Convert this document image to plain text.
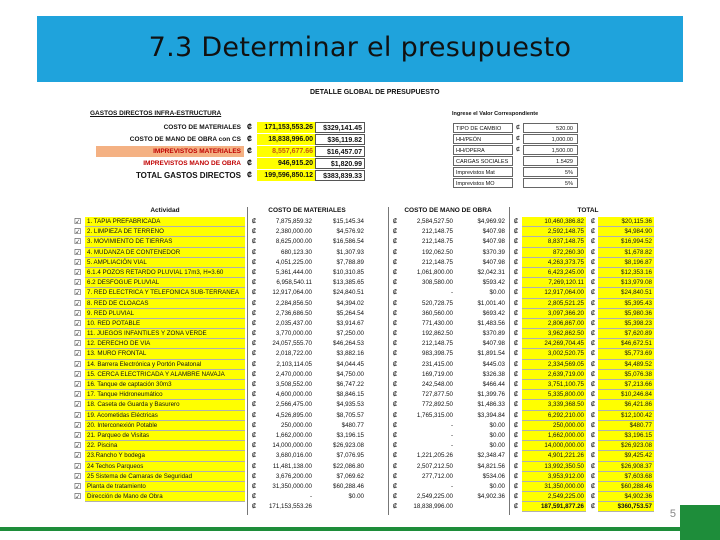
7.3 Determinar el presupuesto
DETALLE GLOBAL DE PRESUPUESTO
GASTOS DIRECTOS INFRA-ESTRUCTURA
COSTO DE MATERIALES ₡	171,153,553.26	$329,141.45
COSTO DE MANO DE OBRA con CS ₡	18,838,996.00	$36,119.82
IMPREVISTOS MATERIALES ₡	8,557,677.66	$16,457.07
IMPREVISTOS MANO DE OBRA ₡	946,915.20	$1,820.99
TOTAL GASTOS DIRECTOS ₡	199,596,850.12	$383,839.33
Ingrese el Valor Correspondiente
TIPO DE CAMBIO	₡	520.00
HH/PEÓN	₡	1,000.00
HH/OPERA	₡	1,500.00
CARGAS SOCIALES	1.5429
Imprevistos Mat	5%
Imprevistos MO	5%
Actividad	COSTO DE MATERIALES	COSTO DE MANO DE OBRA	TOTAL
☑ 1. TAPIA PREFABRICADA	₡	7,875,859.32	$15,145.34	₡	2,584,527.50	$4,969.92	₡	10,460,386.82	₡	$20,115.36
☑ 2. LIMPIEZA DE TERRENO	₡	2,380,000.00	$4,576.92	₡	212,148.75	$407.98	₡	2,592,148.75	₡	$4,984.90
☑ 3. MOVIMIENTO DE TIERRAS	₡	8,625,000.00	$16,586.54	₡	212,148.75	$407.98	₡	8,837,148.75	₡	$16,994.52
☑ 4. MUDANZA DE CONTENEDOR	₡	680,123.30	$1,307.93	₡	192,062.50	$370.39	₡	872,260.30	₡	$1,678.82
☑ 5. AMPLIACIÓN VIAL	₡	4,051,225.00	$7,788.89	₡	212,148.75	$407.98	₡	4,263,373.75	₡	$8,196.87
☑ 6.1.4 POZOS RETARDO PLUVIAL 17m3, H=3.60	₡	5,361,444.00	$10,310.85	₡	1,061,800.00	$2,042.31	₡	6,423,245.00	₡	$12,353.16
☑ 6.2 DESFOGUE PLUVIAL	₡	6,958,540.11	$13,385.65	₡	308,580.00	$593.42	₡	7,269,120.11	₡	$13,979.08
☑ 7. RED ELECTRICA Y TELEFONICA SUB-TERRANEA	₡	12,917,064.00	$24,840.51	₡	-	$0.00	₡	12,917,064.00	₡	$24,840.51
☑ 8. RED DE CLOACAS	₡	2,284,856.50	$4,394.02	₡	520,728.75	$1,001.40	₡	2,805,521.25	₡	$5,395.43
☑ 9. RED PLUVIAL	₡	2,736,686.50	$5,264.54	₡	360,560.00	$693.42	₡	3,097,366.20	₡	$5,980.36
☑ 10. RED POTABLE	₡	2,035,437.00	$3,914.67	₡	771,430.00	$1,483.56	₡	2,806,867.00	₡	$5,398.23
☑ 11. JUEGOS INFANTILES Y ZONA VERDE	₡	3,770,000.00	$7,250.00	₡	192,862.50	$370.89	₡	3,962,862.50	₡	$7,620.89
☑ 12. DERECHO DE VIA	₡	24,057,555.70	$46,264.53	₡	212,148.75	$407.98	₡	24,269,704.45	₡	$46,672.51
☑ 13. MURO FRONTAL	₡	2,018,722.00	$3,882.16	₡	983,398.75	$1,891.54	₡	3,002,520.75	₡	$5,773.69
☑ 14. Barrera Electrónica y Portón Peatonal	₡	2,103,114.05	$4,044.45	₡	231,415.00	$445.03	₡	2,334,569.05	₡	$4,489.52
☑ 15. CERCA ELECTRICADA Y ALAMBRE NAVAJA	₡	2,470,000.00	$4,750.00	₡	169,719.00	$326.38	₡	2,639,719.00	₡	$5,076.38
☑ 16. Tanque de captación 30m3	₡	3,508,552.00	$6,747.22	₡	242,548.00	$466.44	₡	3,751,100.75	₡	$7,213.66
☑ 17. Tanque Hidroneumático	₡	4,600,000.00	$8,846.15	₡	727,877.50	$1,399.76	₡	5,335,800.00	₡	$10,246.84
☑ 18. Caseta de Guarda y Basurero	₡	2,566,475.00	$4,935.53	₡	772,892.50	$1,486.33	₡	3,339,368.50	₡	$6,421.86
☑ 19. Acometidas Eléctricas	₡	4,526,895.00	$8,705.57	₡	1,765,315.00	$3,394.84	₡	6,292,210.00	₡	$12,100.42
☑ 20. Interconexión Potable	₡	250,000.00	$480.77	₡	-	$0.00	₡	250,000.00	₡	$480.77
☑ 21. Parqueo de Visitas	₡	1,662,000.00	$3,196.15	₡	-	$0.00	₡	1,662,000.00	₡	$3,196.15
☑ 22. Piscina	₡	14,000,000.00	$26,923.08	₡	-	$0.00	₡	14,000,000.00	₡	$26,923.08
☑ 23.Rancho Y bodega	₡	3,680,016.00	$7,076.95	₡	1,221,205.26	$2,348.47	₡	4,901,221.26	₡	$9,425.42
☑ 24 Techos Parqueos	₡	11,481,138.00	$22,086.80	₡	2,507,212.50	$4,821.56	₡	13,992,350.50	₡	$26,908.37
☑ 25 Sistema de Camaras de Seguridad	₡	3,676,200.00	$7,069.62	₡	277,712.00	$534.06	₡	3,953,912.00	₡	$7,603.68
☑ Planta de tratamiento	₡	31,350,000.00	$60,288.46	₡	-	$0.00	₡	31,350,000.00	₡	$60,288.46
☑ Dirección de Mano de Obra	₡	-	$0.00	₡	2,549,225.00	$4,902.36	₡	2,549,225.00	₡	$4,902.36
₡	171,153,553.26	₡	18,838,996.00	₡	187,591,877.26	₡	$360,753.57
5
